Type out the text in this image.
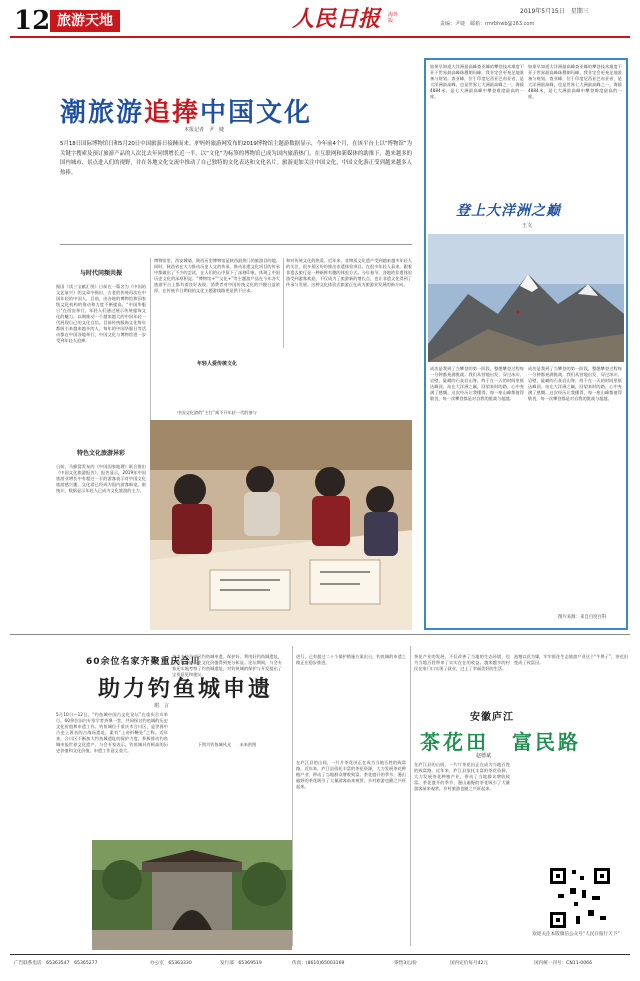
12 旅游天地	人民日报 海外版
2019年5月15日　星期三
责编：尹婕　邮箱：rmrbhwb@163.com
潮旅游追捧中国文化
本报记者　尹　婕
5月18日国际博物馆日和5月20日中国旅游日接踵而来。驴妈妈旅游网发布的2019博物馆主题游数据显示，今年前4个月，在该平台上以“博物馆”为关键字搜索及预订旅游产品的人次比去年同期增长近一半。以“文化”为标签的博物馆已成为国内旅游热门。在互联网和新媒体的助推下，越来越多的国内城市、景点进入们的视野，并在各地文化交流中推动了自己独特的文化表达和文化名片。旅游更加关注中国文化，中国文化游正受到越来越多人热捧。
与时代同频共振
据国《读三宝献汇图》日前在一篇名为《中国的文艺复兴》的文章中指出，古老的传统再次在中国年轻的中国人，目前，由各地的博物馆和国家级文化机构的推动和力度不断提高，“中国华服日”在西安举行，年轻人们通过展示传统服饰文化的魅力，以期推动一个越来越大的中国年轻一代展现自己的文化自信。目前传统服饰文化每年都吸引来越来越多的人，每年的中国华服日等活动都在中国各地举行，中国文化与博物馆进一步受到年轻人追捧。
特色文化旅游异彩
日前，马蜂窝发布的《中国国家地理》联合推出《中国文化旅游报告》，报告显示，2019年中国旅游业增长中有超过一半的游客表示对中国文化旅游感兴趣，文化游已经成为国内游客新宠。据统计，数据显示年轻人已成为文化旅游的主力。
博物馆里，西安城墙、陕西历史博物馆是陕西最热门的旅游目的地。同时，陕西省在大力推动历史人文的传承、推动非遗文化项目的传承中都做出了不少的尝试，在人们的心中留下了深刻印象，体现了中国历史文化的深厚积淀。“博物馆+”“文化+”等主题游产品在今年各大旅游平台上都有着良好表现，消费者对中国传统文化的兴趣日益浓厚，在传统节日期间的文化主题游线路更是供不应求。
和对传统文化的热爱。近年来，非物质文化遗产受到越来越多年轻人的关注，很多景区纷纷推出非遗体验项目。在很多年轻人看来，跟着非遗去旅行是一种新鲜有趣的体验方式。今年春节，各地的非遗体验游受到游客欢迎，不仅成为了旅游新的增长点，也让非遗文化得到了传承与发展。这种文化体验式旅游正在成为旅游业发展的新方向。
年轻人爱传统文化
中国文化游的“主打”离不开年轻一代的参与
如果早知道大洋洲最高峰查亚峰的攀登技术难度不亚于世界最高峰珠穆朗玛峰，我肯定会更充足地准备与规划。查亚峰，位于印度尼西亚巴布亚省，是大洋洲最高峰，也是世界七大洲最高峰之一，海拔4884米，是七大洲最高峰中攀登难度最高的一座。
如果早知道大洋洲最高峰查亚峰的攀登技术难度不亚于世界最高峰珠穆朗玛峰，我肯定会更充足地准备与规划。查亚峰，位于印度尼西亚巴布亚省，是大洋洲最高峰，也是世界七大洲最高峰之一，海拔4884米，是七大洲最高峰中攀登难度最高的一座。
登上大洋洲之巅
王文
成功是我到了当攀登的第一阶段，整趟攀登过程每一分钟都充满挑战。我们从营地出发，穿过冰川、岩壁、陡峭的石灰岩山脊，终于在一天的时间里抵达峰顶。站在大洋洲之巅，回望来时的路，心中充满了感慨。这次经历让我懂得，每一座山峰都值得敬畏，每一次攀登都是对自我的挑战与超越。
成功是我到了当攀登的第一阶段，整趟攀登过程每一分钟都充满挑战。我们从营地出发，穿过冰川、岩壁、陡峭的石灰岩山脊，终于在一天的时间里抵达峰顶。站在大洋洲之巅，回望来时的路，心中充满了感慨。这次经历让我懂得，每一座山峰都值得敬畏，每一次攀登都是对自我的挑战与超越。
图片来源：来自百度百科
60余位名家齐聚重庆合川
助力钓鱼城申遗
珺　言
5月10日—12日，“钓鱼城中国古文化论坛”在重庆合川举行，60余位国内专家学者齐聚一堂，共同探讨钓鱼城的历史文化价值和申遗工作。钓鱼城位于重庆市合川区，是世界中古史上著名的古战场遗址，素有“上帝折鞭处”之称。近年来，合川区不断加大钓鱼城遗址的保护力度，积极推动钓鱼城申报世界文化遗产。与会专家表示，钓鱼城具有极高的历史价值和文化价值，申遗工作意义重大。
大力支持合川区钓鱼城申遗，保护好、利用好钓鱼城遗址，让钓鱼城的历史文化价值得到充分彰显。论坛期间，与会专家还实地考察了钓鱼城遗址，对钓鱼城的保护与开发提出了宝贵意见和建议。
下图为钓鱼城风光　　未来供图
进行，已有超过二十个保护措施方案出台，钓鱼城的申遗之路正在稳步推进。
茶花产业的发展，不仅改善了当地的生态环境，也为当地百姓带来了实实在在的收益。越来越多的村民在家门口实现了就业，过上了幸福美好的生活。
安徽庐江
茶花田　富民路
赵德斌
在庐江县的山间，一片片茶花田正在成为当地百姓的致富路。近年来，庐江县依托丰富的茶花资源，大力发展茶花种植产业，带动了当地群众增收致富。茶花盛开的季节，漫山遍野的茶花吸引了大量游客前来观赏，乡村旅游也随之兴旺起来。
在庐江县的山间，一片片茶花田正在成为当地百姓的致富路。近年来，庐江县依托丰富的茶花资源，大力发展茶花种植产业，带动了当地群众增收致富。茶花盛开的季节，漫山遍野的茶花吸引了大量游客前来观赏，乡村旅游也随之兴旺起来。
池塘以花为媒，牢牢抓住生态旅游产业这个“牛鼻子”，茶花田变成了致富田。
欢迎关注本版微信公众号“人民日报行天下”
广告联系电话　65363547　65365277	办公室　65363330	发行部　65369519	传真：(8610)65003169	零售3元/份	国内定价每月42元	国内统一刊号：CN11-0066
